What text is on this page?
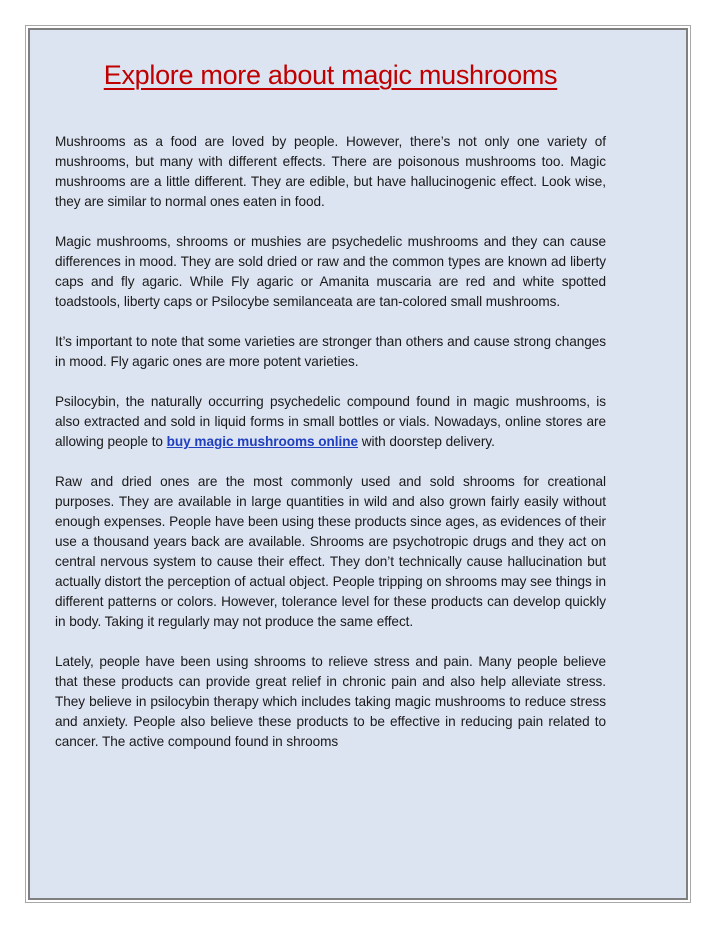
Explore more about magic mushrooms

Mushrooms as a food are loved by people. However, there’s not only one variety of mushrooms, but many with different effects. There are poisonous mushrooms too. Magic mushrooms are a little different. They are edible, but have hallucinogenic effect. Look wise, they are similar to normal ones eaten in food.

Magic mushrooms, shrooms or mushies are psychedelic mushrooms and they can cause differences in mood. They are sold dried or raw and the common types are known ad liberty caps and fly agaric. While Fly agaric or Amanita muscaria are red and white spotted toadstools, liberty caps or Psilocybe semilanceata are tan-colored small mushrooms.

It’s important to note that some varieties are stronger than others and cause strong changes in mood. Fly agaric ones are more potent varieties.

Psilocybin, the naturally occurring psychedelic compound found in magic mushrooms, is also extracted and sold in liquid forms in small bottles or vials. Nowadays, online stores are allowing people to buy magic mushrooms online with doorstep delivery.

Raw and dried ones are the most commonly used and sold shrooms for creational purposes. They are available in large quantities in wild and also grown fairly easily without enough expenses. People have been using these products since ages, as evidences of their use a thousand years back are available. Shrooms are psychotropic drugs and they act on central nervous system to cause their effect. They don’t technically cause hallucination but actually distort the perception of actual object. People tripping on shrooms may see things in different patterns or colors. However, tolerance level for these products can develop quickly in body. Taking it regularly may not produce the same effect.

Lately, people have been using shrooms to relieve stress and pain. Many people believe that these products can provide great relief in chronic pain and also help alleviate stress. They believe in psilocybin therapy which includes taking magic mushrooms to reduce stress and anxiety. People also believe these products to be effective in reducing pain related to cancer. The active compound found in shrooms
